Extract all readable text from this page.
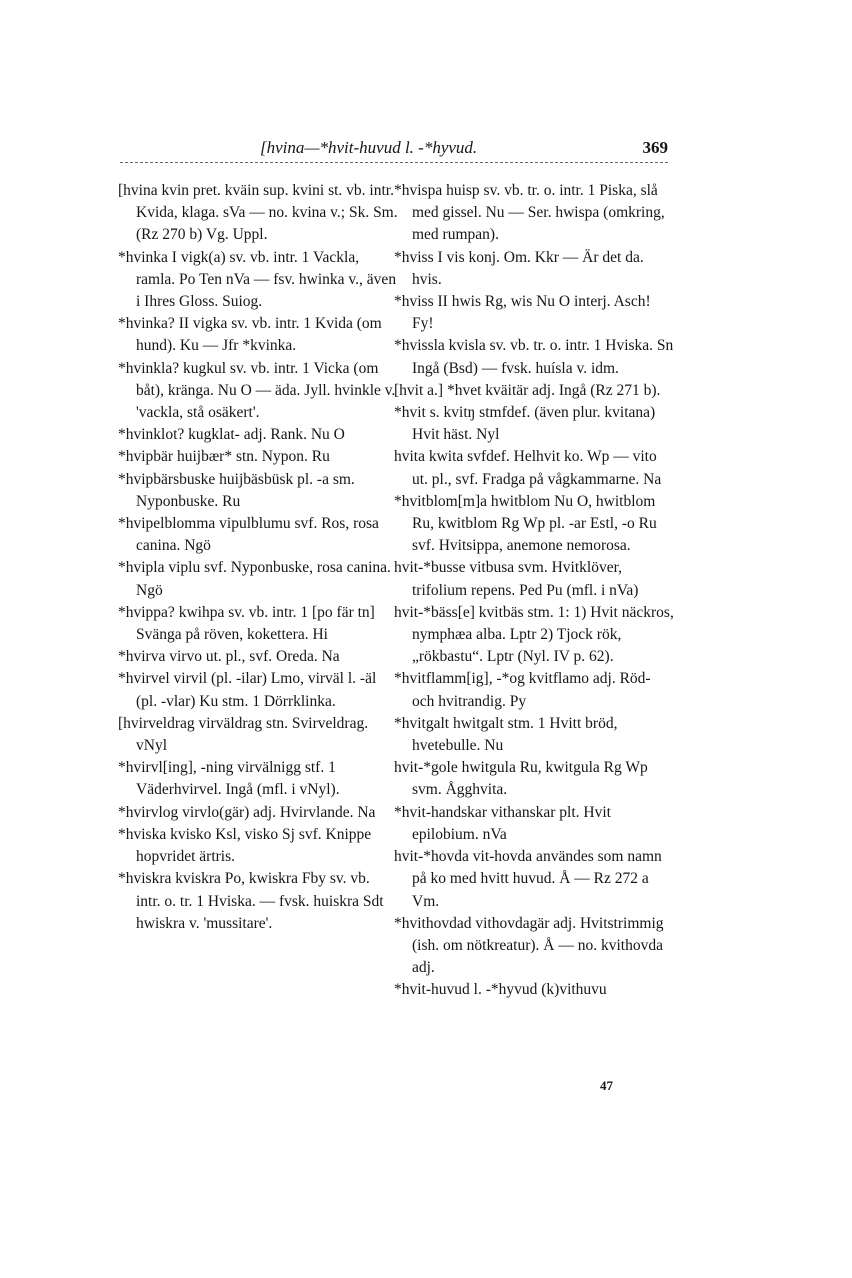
[hvina—*hvit-huvud l. -*hyvud.	369
[hvina kvin pret. kväin sup. kvini st. vb. intr. Kvida, klaga. sVa — no. kvina v.; Sk. Sm. (Rz 270 b) Vg. Uppl.
*hvinka I vigk(a) sv. vb. intr. 1 Vackla, ramla. Po Ten nVa — fsv. hwinka v., även i Ihres Gloss. Suiog.
*hvinka? II vigka sv. vb. intr. 1 Kvida (om hund). Ku — Jfr *kvinka.
*hvinkla? kugkul sv. vb. intr. 1 Vicka (om båt), kränga. Nu O — äda. Jyll. hvinkle v. 'vackla, stå osäkert'.
*hvinklot? kugklat- adj. Rank. Nu O
*hvipbär huijbær* stn. Nypon. Ru
*hvipbärsbuske huijbäsbüsk pl. -a sm. Nyponbuske. Ru
*hvipelblomma vipulblumu svf. Ros, rosa canina. Ngö
*hvipla viplu svf. Nyponbuske, rosa canina. Ngö
*hvippa? kwihpa sv. vb. intr. 1 [po fär tn] Svänga på röven, kokettera. Hi
*hvirva virvo ut. pl., svf. Oreda. Na
*hvirvel virvil (pl. -ilar) Lmo, virväl l. -äl (pl. -vlar) Ku stm. 1 Dörrklinka.
[hvirveldrag virväldrag stn. Svirveldrag. vNyl
*hvirvl[ing], -ning virvälnigg stf. 1 Väderhvirvel. Ingå (mfl. i vNyl).
*hvirvlog virvlo(gär) adj. Hvirvlande. Na
*hviska kvisko Ksl, visko Sj svf. Knippe hopvridet ärtris.
*hviskra kviskra Po, kwiskra Fby sv. vb. intr. o. tr. 1 Hviska. — fvsk. huiskra Sdt hwiskra v. 'mussitare'.
*hvispa huisp sv. vb. tr. o. intr. 1 Piska, slå med gissel. Nu — Ser. hwispa (omkring, med rumpan).
*hviss I vis konj. Om. Kkr — Är det da. hvis.
*hviss II hwis Rg, wis Nu O interj. Asch! Fy!
*hvissla kvisla sv. vb. tr. o. intr. 1 Hviska. Sn Ingå (Bsd) — fvsk. huísla v. idm.
[hvit a.] *hvet kväitär adj. Ingå (Rz 271 b).
*hvit s. kvitŋ stmfdef. (även plur. kvitana) Hvit häst. Nyl
hvita kwita svfdef. Helhvit ko. Wp — vito ut. pl., svf. Fradga på vågkammarne. Na
*hvitblom[m]a hwitblom Nu O, hwitblom Ru, kwitblom Rg Wp pl. -ar Estl, -o Ru svf. Hvitsippa, anemone nemorosa.
hvit-*busse vitbusa svm. Hvitklöver, trifolium repens. Ped Pu (mfl. i nVa)
hvit-*bäss[e] kvitbäs stm. 1: 1) Hvit näckros, nymphæa alba. Lptr 2) Tjock rök, „rökbastu“. Lptr (Nyl. IV p. 62).
*hvitflamm[ig], -*og kvitflamo adj. Röd- och hvitrandig. Py
*hvitgalt hwitgalt stm. 1 Hvitt bröd, hvetebulle. Nu
hvit-*gole hwitgula Ru, kwitgula Rg Wp svm. Ågghvita.
*hvit-handskar vithanskar plt. Hvit epilobium. nVa
hvit-*hovda vit-hovda användes som namn på ko med hvitt huvud. Å — Rz 272 a Vm.
*hvithovdad vithovdagär adj. Hvitstrimmig (ish. om nötkreatur). Å — no. kvithovda adj.
*hvit-huvud l. -*hyvud (k)vithuvu
47
